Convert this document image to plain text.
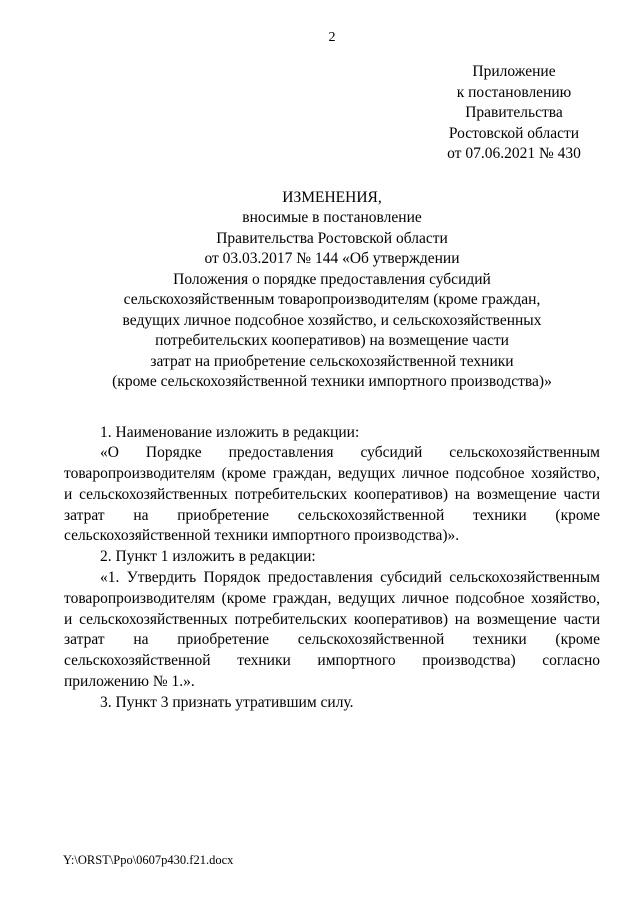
2
Приложение
к постановлению
Правительства
Ростовской области
от 07.06.2021 № 430
ИЗМЕНЕНИЯ,
вносимые в постановление
Правительства Ростовской области
от 03.03.2017 № 144 «Об утверждении
Положения о порядке предоставления субсидий
сельскохозяйственным товаропроизводителям (кроме граждан,
ведущих личное подсобное хозяйство, и сельскохозяйственных
потребительских кооперативов) на возмещение части
затрат на приобретение сельскохозяйственной техники
(кроме сельскохозяйственной техники импортного производства)»
1. Наименование изложить в редакции:
«О Порядке предоставления субсидий сельскохозяйственным
товаропроизводителям (кроме граждан, ведущих личное подсобное хозяйство,
и сельскохозяйственных потребительских кооперативов) на возмещение части
затрат на приобретение сельскохозяйственной техники (кроме
сельскохозяйственной техники импортного производства)».
2. Пункт 1 изложить в редакции:
«1. Утвердить Порядок предоставления субсидий сельскохозяйственным
товаропроизводителям (кроме граждан, ведущих личное подсобное хозяйство,
и сельскохозяйственных потребительских кооперативов) на возмещение части
затрат на приобретение сельскохозяйственной техники (кроме
сельскохозяйственной техники импортного производства) согласно
приложению № 1.».
3. Пункт 3 признать утратившим силу.
Y:\ORST\Ppo\0607p430.f21.docx
